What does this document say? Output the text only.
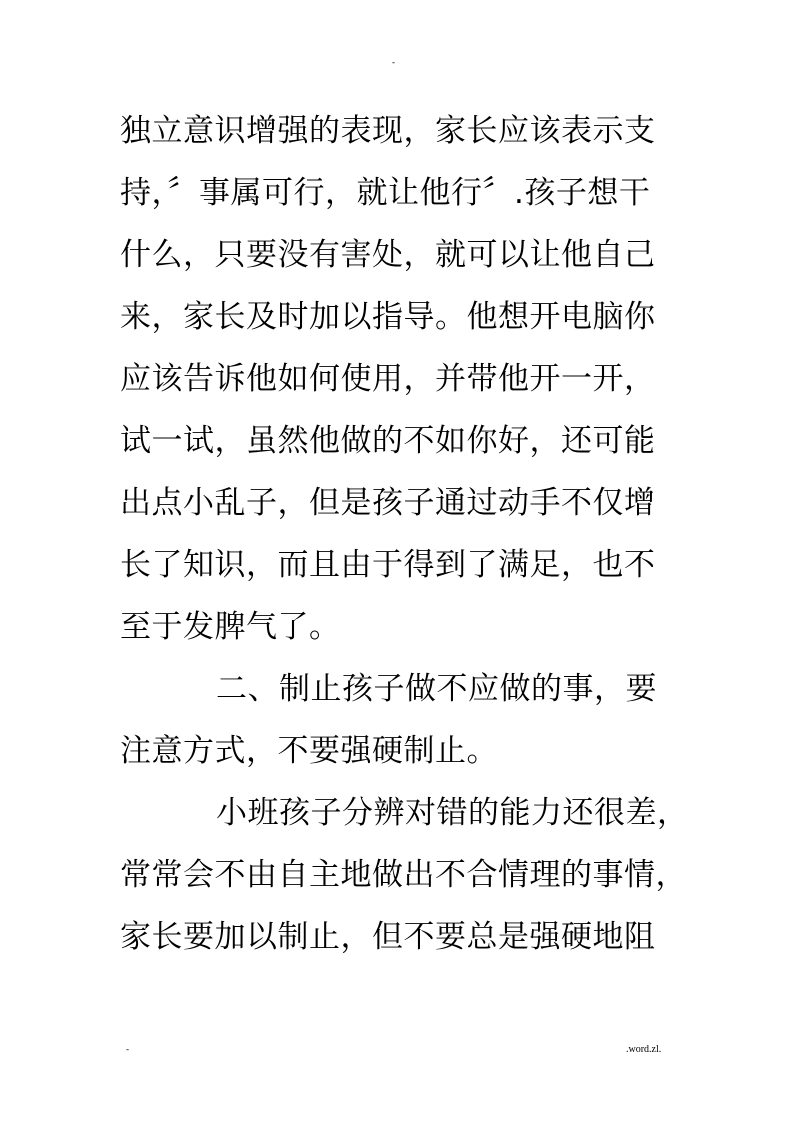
-
独立意识增强的表现，家长应该表示支
持，〞事属可行，就让他行〞.孩子想干
什么，只要没有害处，就可以让他自己
来，家长及时加以指导。他想开电脑你
应该告诉他如何使用，并带他开一开，
试一试，虽然他做的不如你好，还可能
出点小乱子，但是孩子通过动手不仅增
长了知识，而且由于得到了满足，也不
至于发脾气了。
二、制止孩子做不应做的事，要
注意方式，不要强硬制止。
小班孩子分辨对错的能力还很差，
常常会不由自主地做出不合情理的事情，
家长要加以制止，但不要总是强硬地阻
-	.word.zl.
